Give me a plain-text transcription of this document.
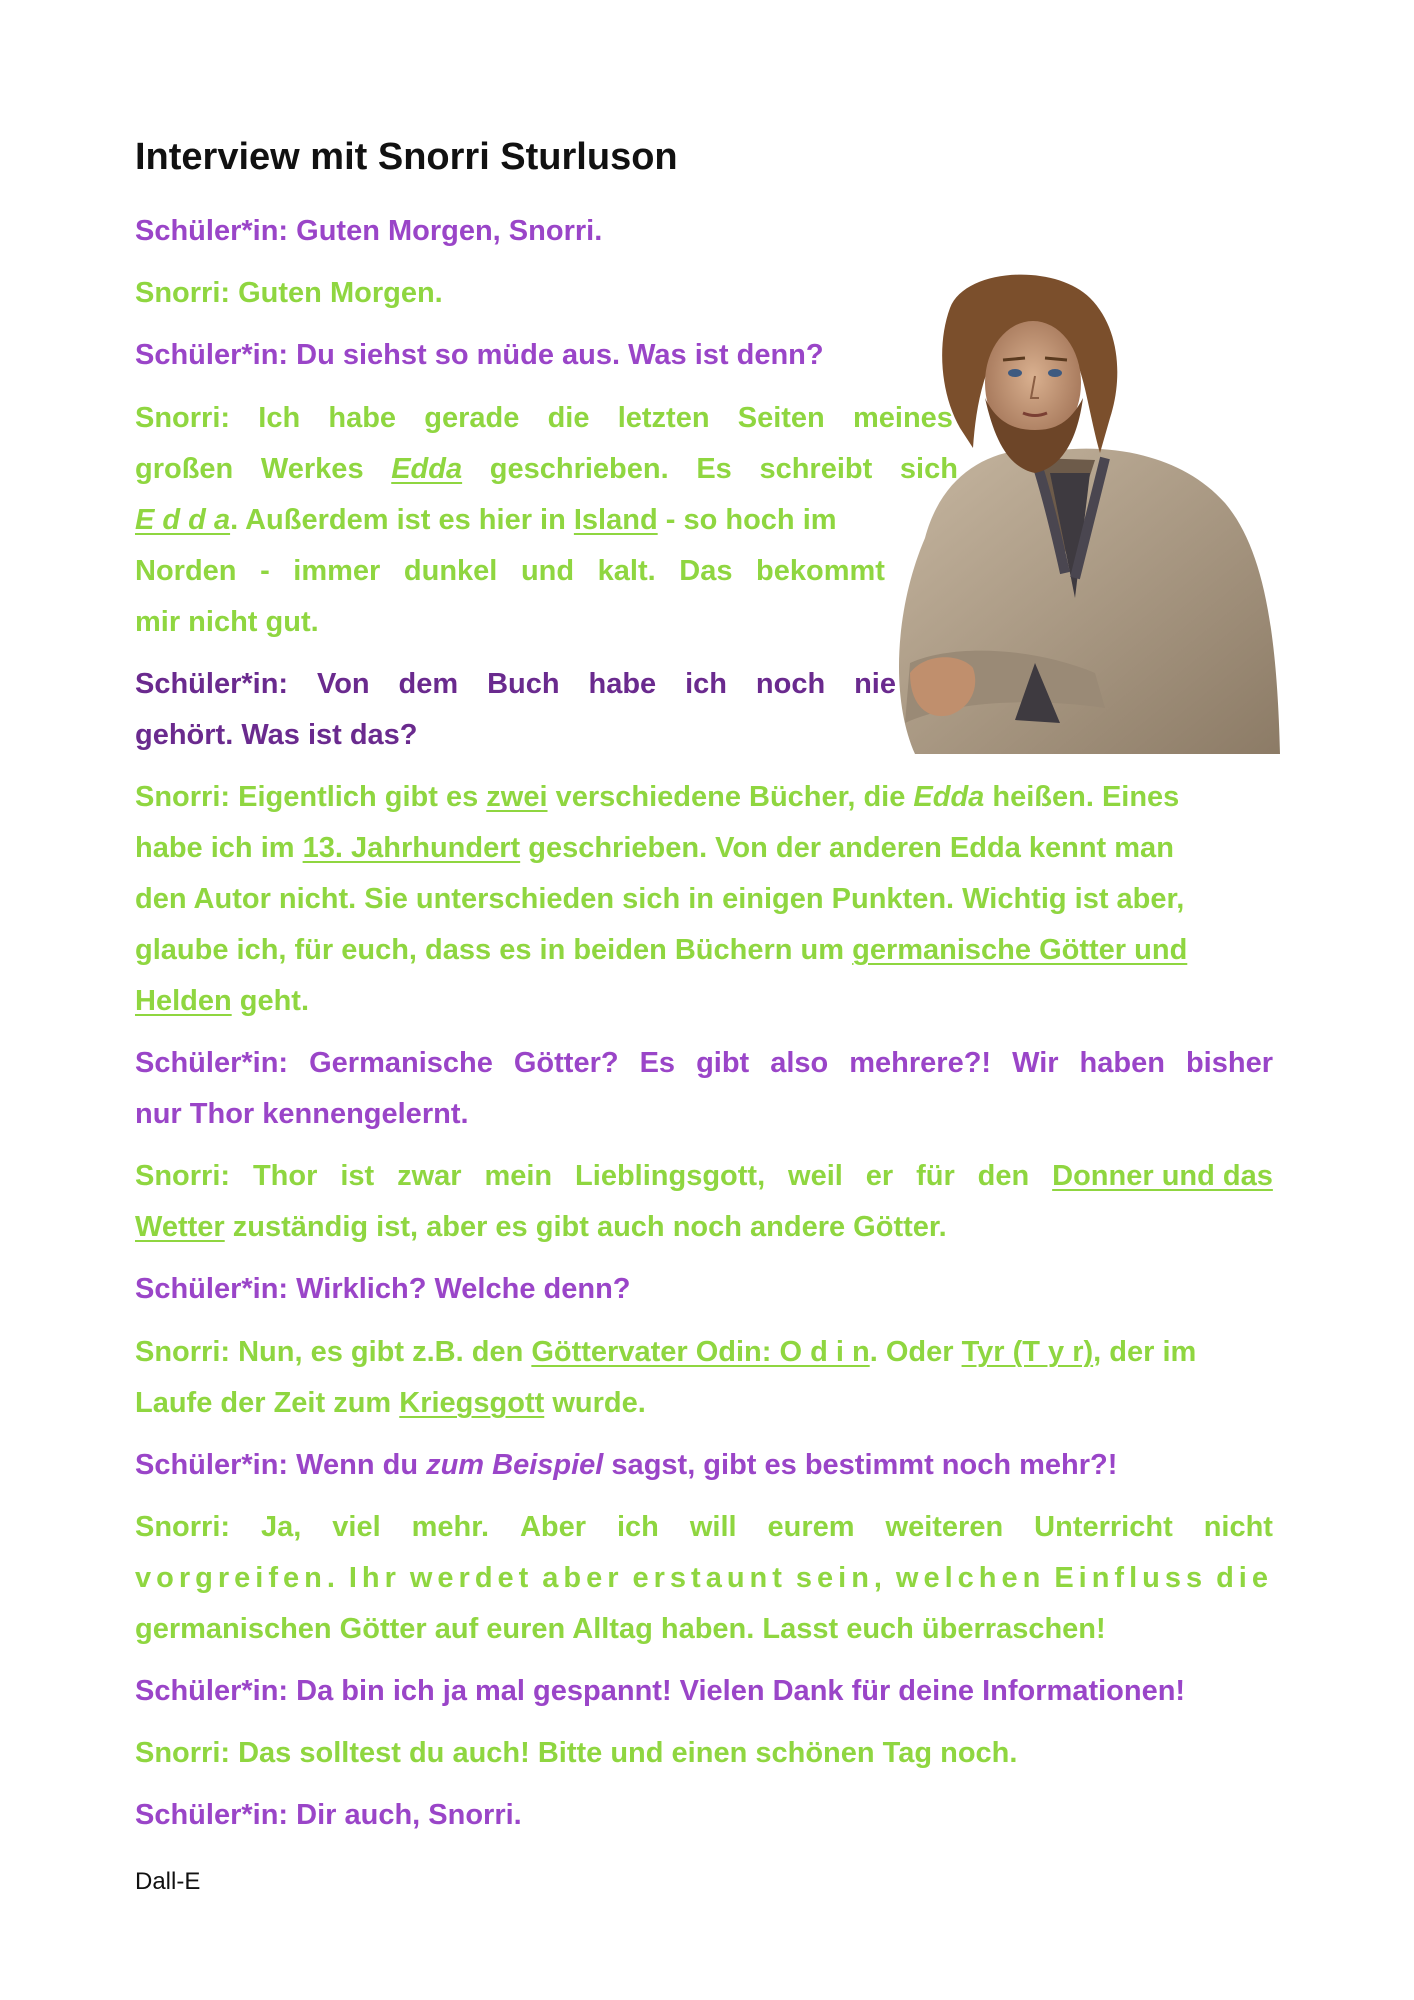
Interview mit Snorri Sturluson

Schüler*in: Guten Morgen, Snorri.

Snorri: Guten Morgen.

Schüler*in: Du siehst so müde aus. Was ist denn?

Snorri: Ich habe gerade die letzten Seiten meines

großen Werkes Edda geschrieben. Es schreibt sich

E d d a. Außerdem ist es hier in Island - so hoch im

Norden - immer dunkel und kalt. Das bekommt

mir nicht gut.

Schüler*in: Von dem Buch habe ich noch nie

gehört. Was ist das?

Snorri: Eigentlich gibt es zwei verschiedene Bücher, die Edda heißen. Eines

habe ich im 13. Jahrhundert geschrieben. Von der anderen Edda kennt man

den Autor nicht. Sie unterschieden sich in einigen Punkten. Wichtig ist aber,

glaube ich, für euch, dass es in beiden Büchern um germanische Götter und

Helden geht.

Schüler*in: Germanische Götter? Es gibt also mehrere?! Wir haben bisher

nur Thor kennengelernt.

Snorri: Thor ist zwar mein Lieblingsgott, weil er für den Donner und das

Wetter zuständig ist, aber es gibt auch noch andere Götter.

Schüler*in: Wirklich? Welche denn?

Snorri: Nun, es gibt z.B. den Göttervater Odin: O d i n. Oder Tyr (T y r), der im

Laufe der Zeit zum Kriegsgott wurde.

Schüler*in: Wenn du zum Beispiel sagst, gibt es bestimmt noch mehr?!

Snorri: Ja, viel mehr. Aber ich will eurem weiteren Unterricht nicht

vorgreifen. Ihr werdet aber erstaunt sein, welchen Einfluss die

germanischen Götter auf euren Alltag haben. Lasst euch überraschen!

Schüler*in: Da bin ich ja mal gespannt! Vielen Dank für deine Informationen!

Snorri: Das solltest du auch! Bitte und einen schönen Tag noch.

Schüler*in: Dir auch, Snorri.

Dall-E
